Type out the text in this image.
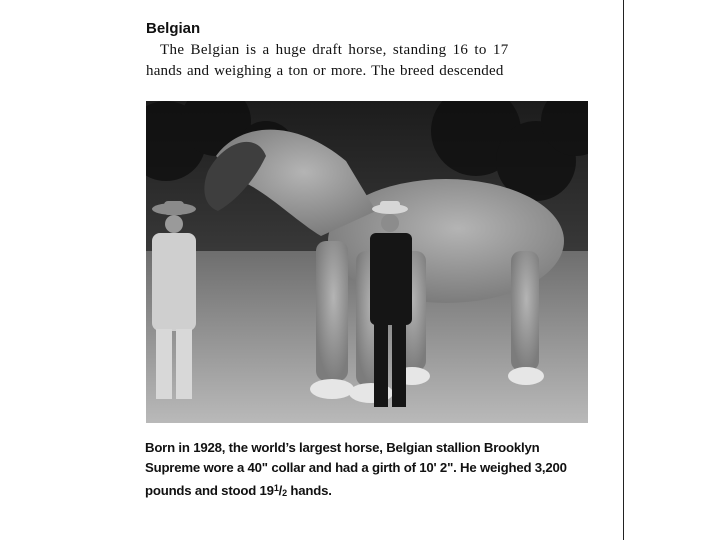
Belgian
The Belgian is a huge draft horse, standing 16 to 17
hands and weighing a ton or more. The breed descended
Born in 1928, the world’s largest horse, Belgian stallion Brooklyn
Supreme wore a 40" collar and had a girth of 10' 2". He weighed 3,200
pounds and stood $19^1/_2$ hands.
